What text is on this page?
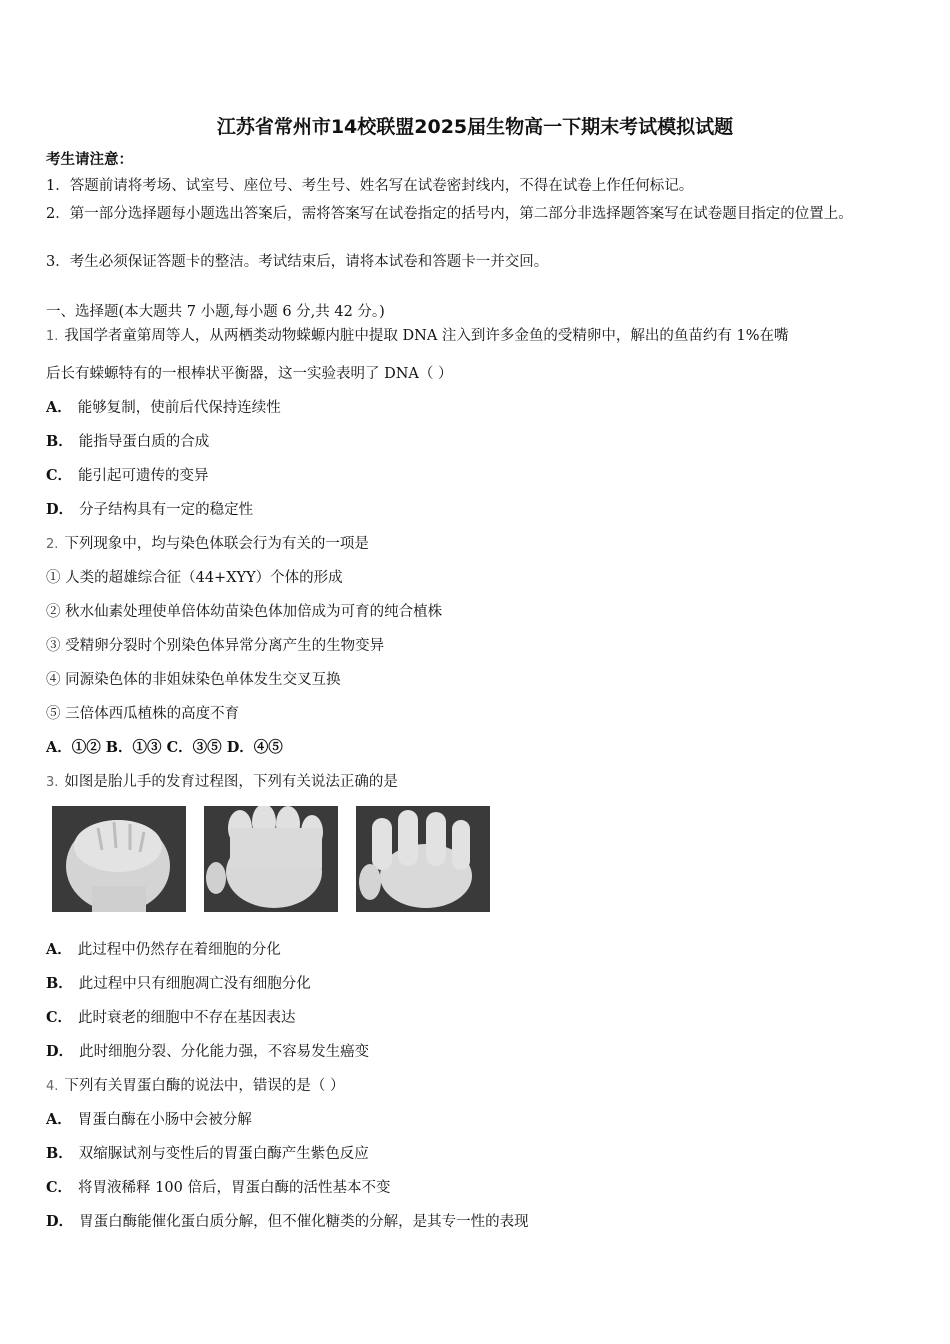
江苏省常州市14校联盟2025届生物高一下期末考试模拟试题
考生请注意：
1．答题前请将考场、试室号、座位号、考生号、姓名写在试卷密封线内，不得在试卷上作任何标记。
2．第一部分选择题每小题选出答案后，需将答案写在试卷指定的括号内，第二部分非选择题答案写在试卷题目指定的位置上。
3．考生必须保证答题卡的整洁。考试结束后，请将本试卷和答题卡一并交回。
一、选择题(本大题共 7 小题,每小题 6 分,共 42 分。)
1. 我国学者童第周等人，从两栖类动物蝾螈内脏中提取 DNA 注入到许多金鱼的受精卵中，解出的鱼苗约有 1%在嘴
后长有蝾螈特有的一根棒状平衡器，这一实验表明了 DNA（ ）
A． 能够复制，使前后代保持连续性
B． 能指导蛋白质的合成
C． 能引起可遗传的变异
D． 分子结构具有一定的稳定性
2. 下列现象中，均与染色体联会行为有关的一项是
① 人类的超雄综合征（44+XYY）个体的形成
② 秋水仙素处理使单倍体幼苗染色体加倍成为可育的纯合植株
③ 受精卵分裂时个别染色体异常分离产生的生物变异
④ 同源染色体的非姐妹染色单体发生交叉互换
⑤ 三倍体西瓜植株的高度不育
A．①② B．①③ C．③⑤ D．④⑤
3. 如图是胎儿手的发育过程图，下列有关说法正确的是
A． 此过程中仍然存在着细胞的分化
B． 此过程中只有细胞凋亡没有细胞分化
C． 此时衰老的细胞中不存在基因表达
D． 此时细胞分裂、分化能力强，不容易发生癌变
4. 下列有关胃蛋白酶的说法中，错误的是（ ）
A． 胃蛋白酶在小肠中会被分解
B． 双缩脲试剂与变性后的胃蛋白酶产生紫色反应
C． 将胃液稀释 100 倍后，胃蛋白酶的活性基本不变
D． 胃蛋白酶能催化蛋白质分解，但不催化糖类的分解，是其专一性的表现
